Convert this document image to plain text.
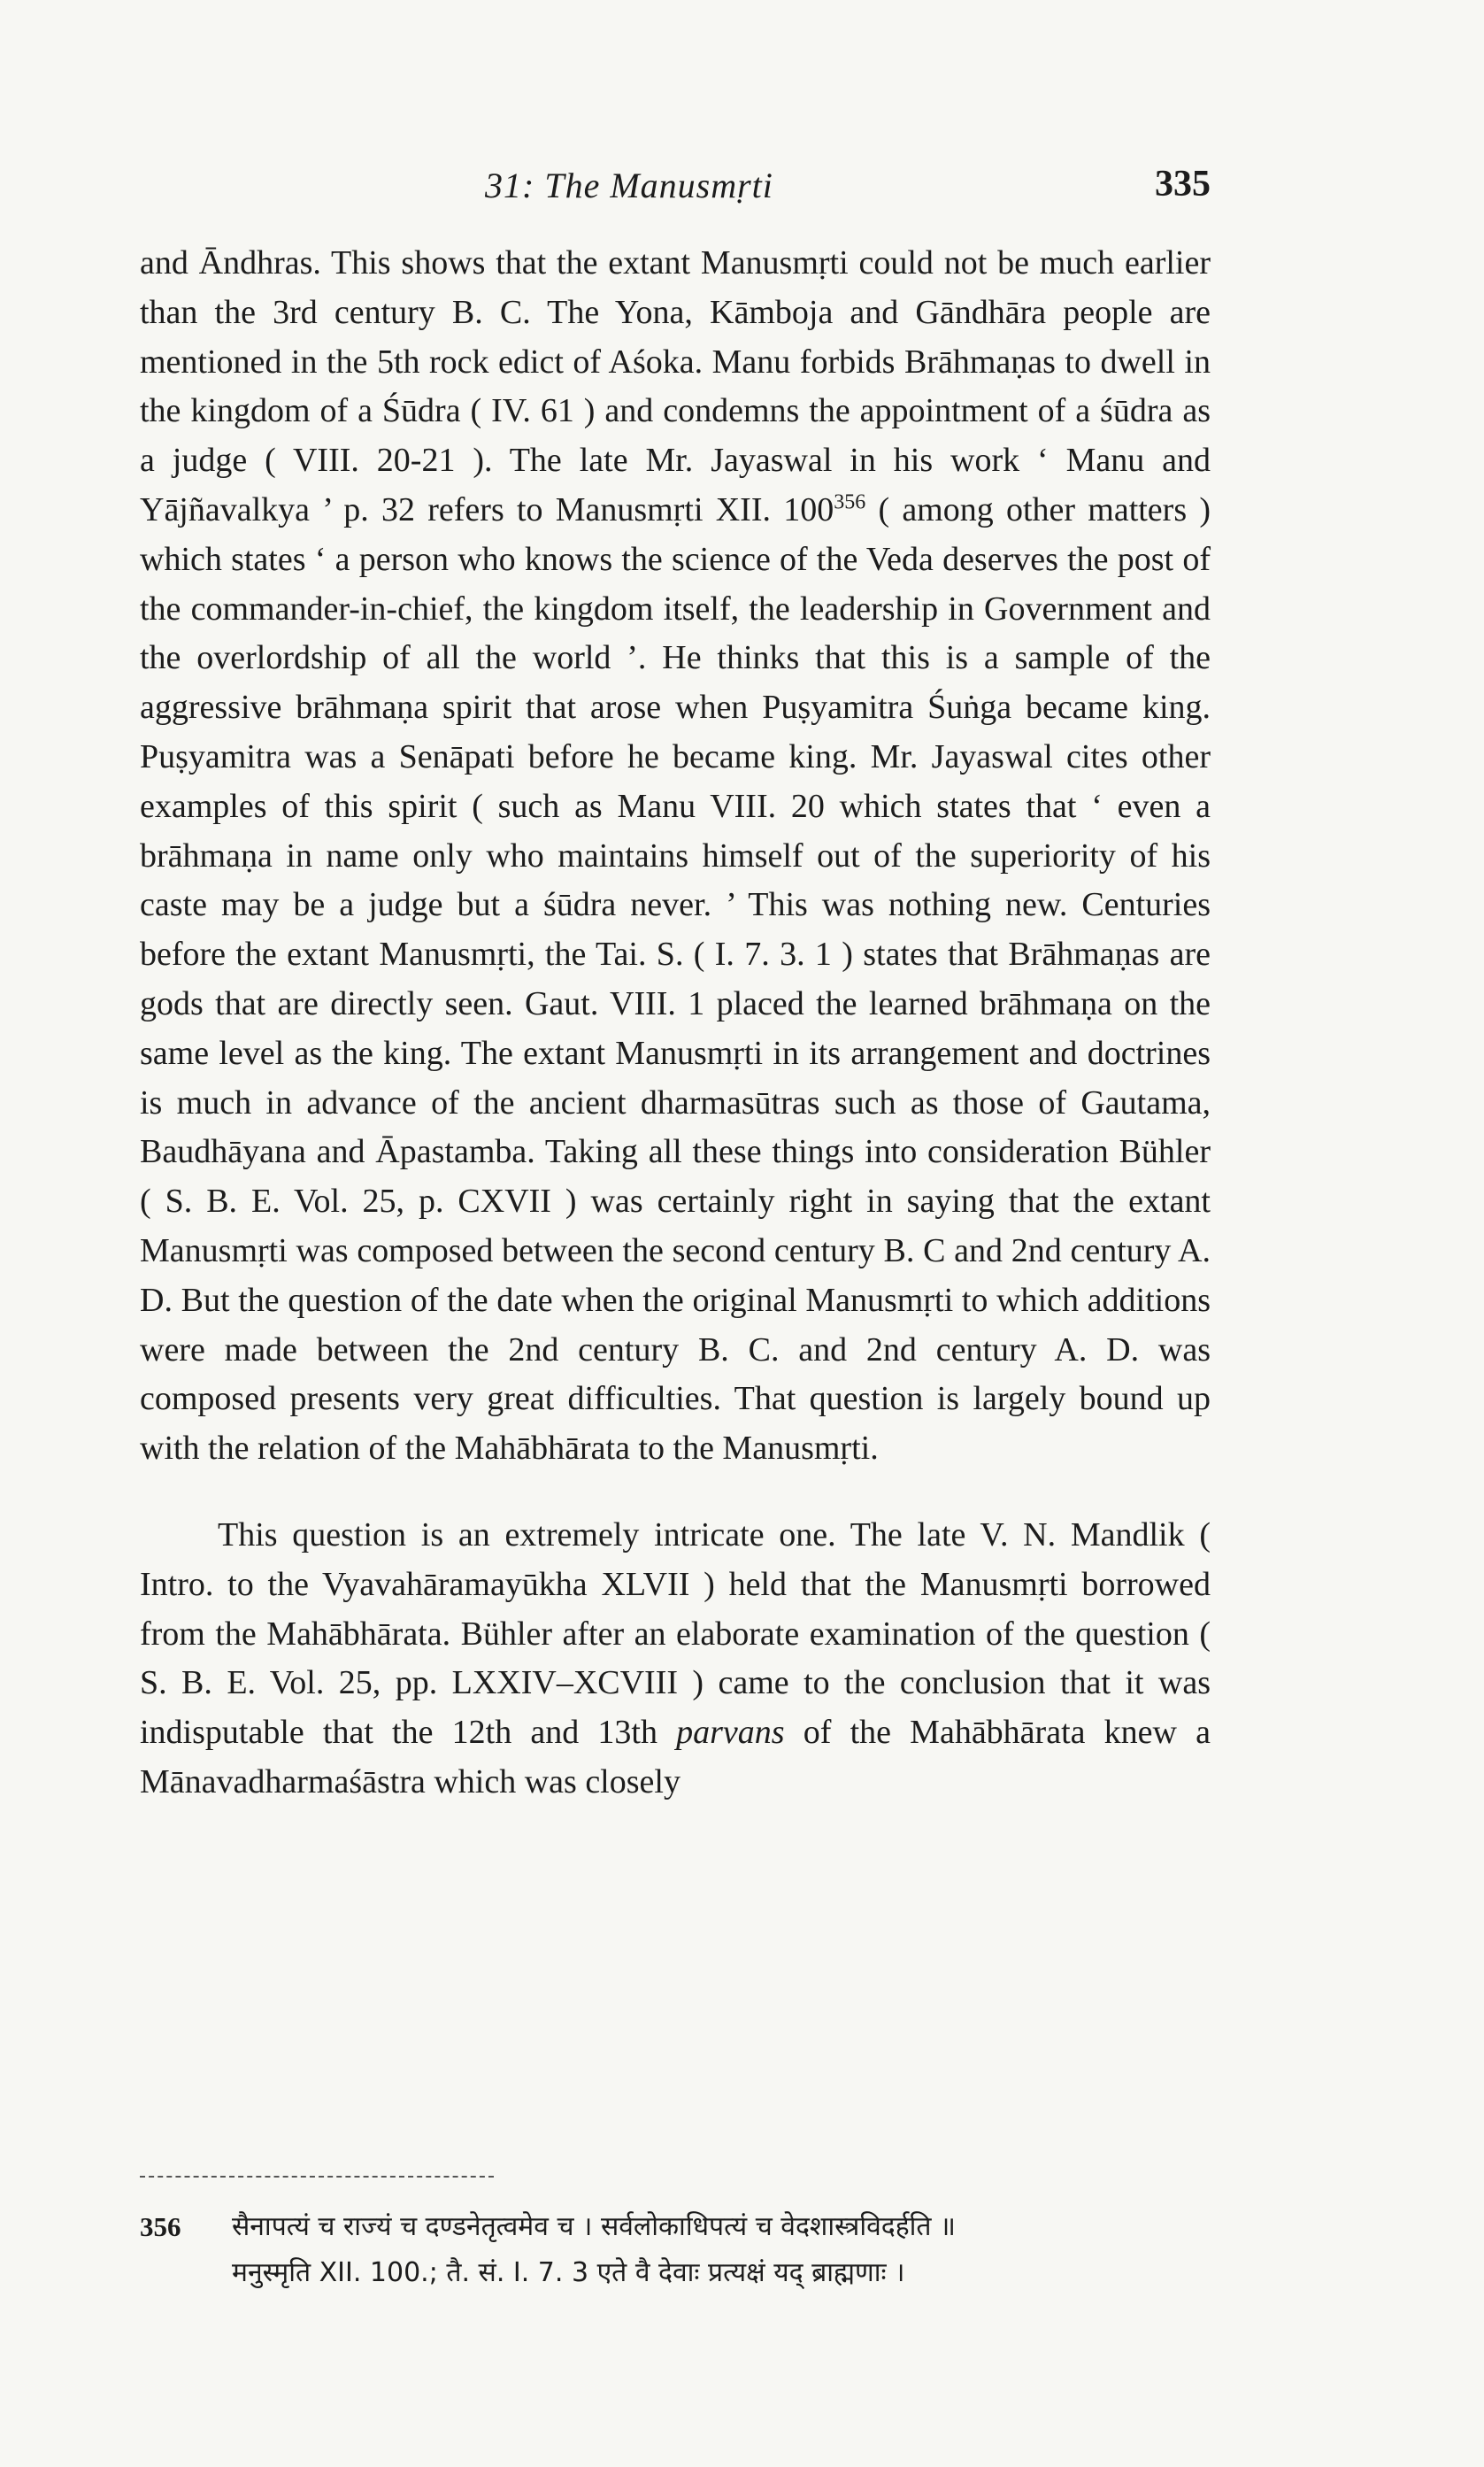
31: The Manusmṛti	335

and Āndhras. This shows that the extant Manusmṛti could not be much earlier than the 3rd century B. C. The Yona, Kāmboja and Gāndhāra people are mentioned in the 5th rock edict of Aśoka. Manu forbids Brāhmaṇas to dwell in the kingdom of a Śūdra ( IV. 61 ) and condemns the appointment of a śūdra as a judge ( VIII. 20-21 ). The late Mr. Jayaswal in his work ‘ Manu and Yājñavalkya ’ p. 32 refers to Manusmṛti XII. $100^{356}$ ( among other matters ) which states ‘ a person who knows the science of the Veda deserves the post of the commander-in-chief, the kingdom itself, the leadership in Government and the overlordship of all the world ’. He thinks that this is a sample of the aggressive brāhmaṇa spirit that arose when Puṣyamitra Śuṅga became king. Puṣyamitra was a Senāpati before he became king. Mr. Jayaswal cites other examples of this spirit ( such as Manu VIII. 20 which states that ‘ even a brāhmaṇa in name only who maintains himself out of the superiority of his caste may be a judge but a śūdra never. ’ This was nothing new. Centuries before the extant Manusmṛti, the Tai. S. ( I. 7. 3. 1 ) states that Brāhmaṇas are gods that are directly seen. Gaut. VIII. 1 placed the learned brāhmaṇa on the same level as the king. The extant Manusmṛti in its arrangement and doctrines is much in advance of the ancient dharmasūtras such as those of Gautama, Baudhāyana and Āpastamba. Taking all these things into consideration Bühler ( S. B. E. Vol. 25, p. CXVII ) was certainly right in saying that the extant Manusmṛti was composed between the second century B. C and 2nd century A. D. But the question of the date when the original Manusmṛti to which additions were made between the 2nd century B. C. and 2nd century A. D. was composed presents very great difficulties. That question is largely bound up with the relation of the Mahābhārata to the Manusmṛti.

This question is an extremely intricate one. The late V. N. Mandlik ( Intro. to the Vyavahāramayūkha XLVII ) held that the Manusmṛti borrowed from the Mahābhārata. Bühler after an elaborate examination of the question ( S. B. E. Vol. 25, pp. LXXIV–XCVIII ) came to the conclusion that it was indisputable that the 12th and 13th parvans of the Mahābhārata knew a Mānavadharmaśāstra which was closely

356	सैनापत्यं च राज्यं च दण्डनेतृत्वमेव च । सर्वलोकाधिपत्यं च वेदशास्त्रविदर्हति ॥
मनुस्मृति XII. 100.; तै. सं. I. 7. 3 एते वै देवाः प्रत्यक्षं यद् ब्राह्मणाः ।
